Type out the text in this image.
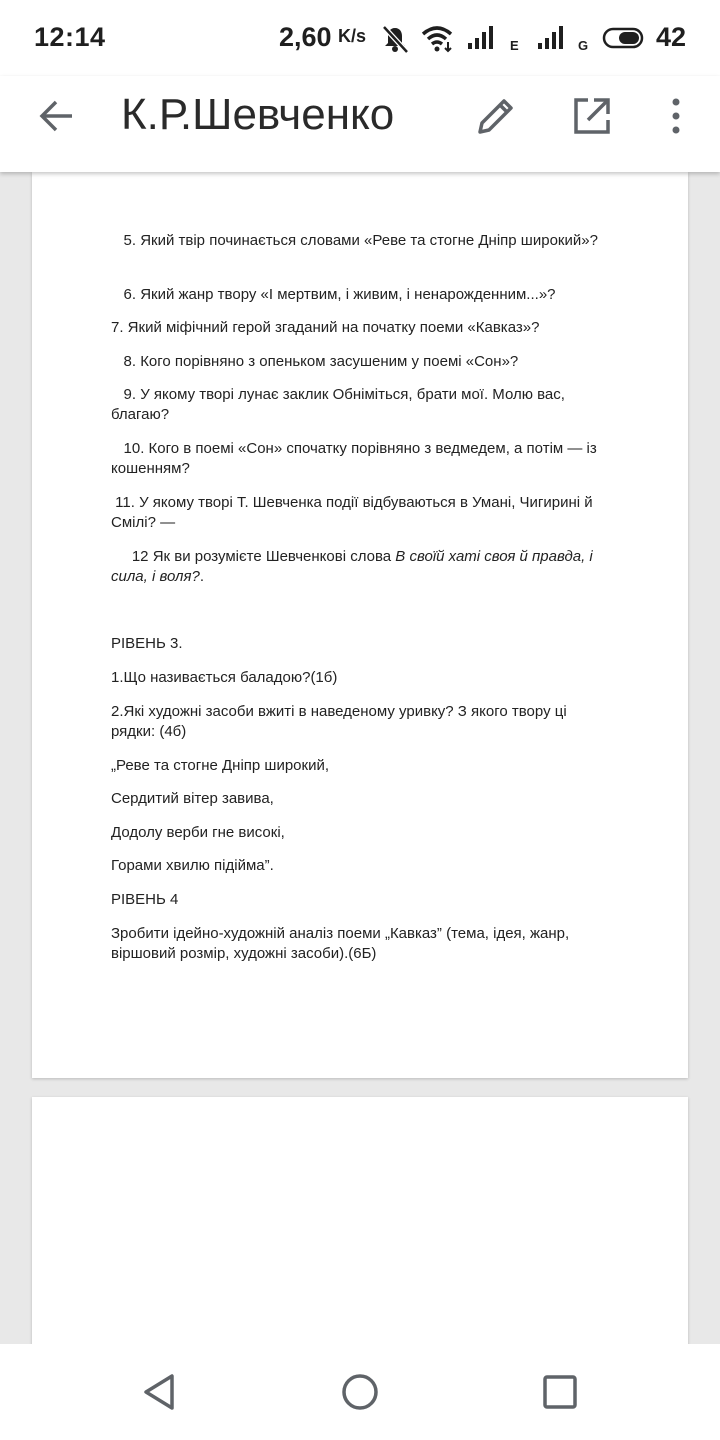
12:14	2,60 K/s	E	G	42
К.Р.Шевченко
5. Який твір починається словами «Реве та стогне Дніпр широкий»?
6. Який жанр твору «І мертвим, і живим, і ненарожденним...»?
7. Який міфічний герой згаданий на початку поеми «Кавказ»?
8. Кого порівняно з опеньком засушеним у поемі «Сон»?
9. У якому творі лунає заклик Обніміться, брати мої. Молю вас, благаю?
10. Кого в поемі «Сон» спочатку порівняно з ведмедем, а потім — із кошенням?
11. У якому творі Т. Шевченка події відбуваються в Умані, Чигирині й Смілі? —
12 Як ви розумієте Шевченкові слова В своїй хаті своя й правда, і сила, і воля?.
РІВЕНЬ 3.
1.Що називається баладою?(1б)
2.Які художні засоби вжиті в наведеному уривку? З якого твору ці рядки: (4б)
„Реве та стогне Дніпр широкий,
Сердитий вітер завива,
Додолу верби гне високі,
Горами хвилю підійма”.
РІВЕНЬ 4
Зробити ідейно-художній аналіз поеми „Кавказ” (тема, ідея, жанр, віршовий розмір, художні засоби).(6Б)
